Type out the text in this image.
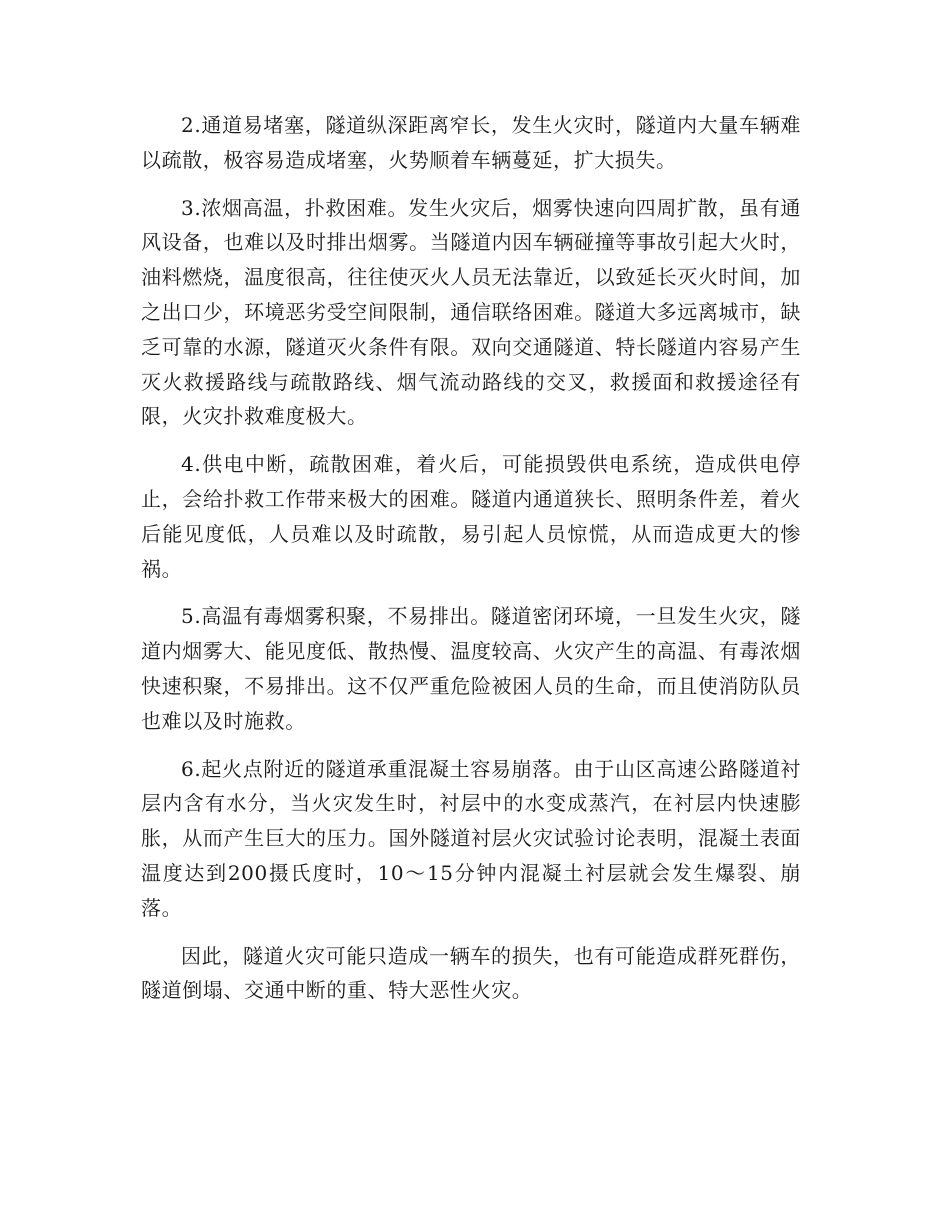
2.通道易堵塞，隧道纵深距离窄长，发生火灾时，隧道内大量车辆难以疏散，极容易造成堵塞，火势顺着车辆蔓延，扩大损失。

3.浓烟高温，扑救困难。发生火灾后，烟雾快速向四周扩散，虽有通风设备，也难以及时排出烟雾。当隧道内因车辆碰撞等事故引起大火时，油料燃烧，温度很高，往往使灭火人员无法靠近，以致延长灭火时间，加之出口少，环境恶劣受空间限制，通信联络困难。隧道大多远离城市，缺乏可靠的水源，隧道灭火条件有限。双向交通隧道、特长隧道内容易产生灭火救援路线与疏散路线、烟气流动路线的交叉，救援面和救援途径有限，火灾扑救难度极大。

4.供电中断，疏散困难，着火后，可能损毁供电系统，造成供电停止，会给扑救工作带来极大的困难。隧道内通道狭长、照明条件差，着火后能见度低，人员难以及时疏散，易引起人员惊慌，从而造成更大的惨祸。

5.高温有毒烟雾积聚，不易排出。隧道密闭环境，一旦发生火灾，隧道内烟雾大、能见度低、散热慢、温度较高、火灾产生的高温、有毒浓烟快速积聚，不易排出。这不仅严重危险被困人员的生命，而且使消防队员也难以及时施救。

6.起火点附近的隧道承重混凝土容易崩落。由于山区高速公路隧道衬层内含有水分，当火灾发生时，衬层中的水变成蒸汽，在衬层内快速膨胀，从而产生巨大的压力。国外隧道衬层火灾试验讨论表明，混凝土表面温度达到200摄氏度时，10～15分钟内混凝土衬层就会发生爆裂、崩落。

因此，隧道火灾可能只造成一辆车的损失，也有可能造成群死群伤，隧道倒塌、交通中断的重、特大恶性火灾。
